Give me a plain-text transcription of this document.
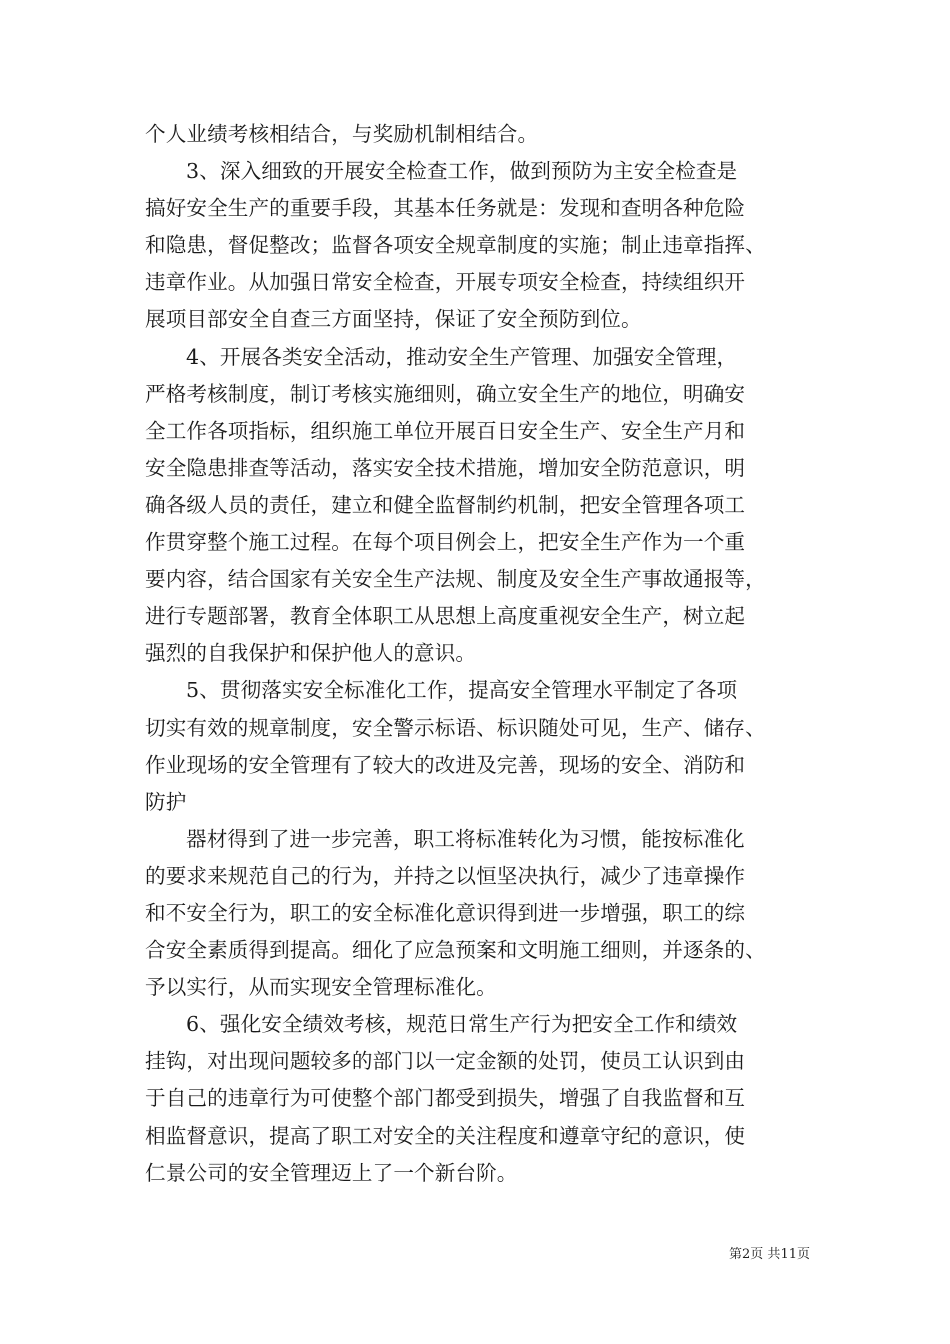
个人业绩考核相结合，与奖励机制相结合。
3、深入细致的开展安全检查工作，做到预防为主安全检查是
搞好安全生产的重要手段，其基本任务就是：发现和查明各种危险
和隐患，督促整改；监督各项安全规章制度的实施；制止违章指挥、
违章作业。从加强日常安全检查，开展专项安全检查，持续组织开
展项目部安全自查三方面坚持，保证了安全预防到位。
4、开展各类安全活动，推动安全生产管理、加强安全管理，
严格考核制度，制订考核实施细则，确立安全生产的地位，明确安
全工作各项指标，组织施工单位开展百日安全生产、安全生产月和
安全隐患排查等活动，落实安全技术措施，增加安全防范意识，明
确各级人员的责任，建立和健全监督制约机制，把安全管理各项工
作贯穿整个施工过程。在每个项目例会上，把安全生产作为一个重
要内容，结合国家有关安全生产法规、制度及安全生产事故通报等，
进行专题部署，教育全体职工从思想上高度重视安全生产，树立起
强烈的自我保护和保护他人的意识。
5、贯彻落实安全标准化工作，提高安全管理水平制定了各项
切实有效的规章制度，安全警示标语、标识随处可见，生产、储存、
作业现场的安全管理有了较大的改进及完善，现场的安全、消防和
防护
器材得到了进一步完善，职工将标准转化为习惯，能按标准化
的要求来规范自己的行为，并持之以恒坚决执行，减少了违章操作
和不安全行为，职工的安全标准化意识得到进一步增强，职工的综
合安全素质得到提高。细化了应急预案和文明施工细则，并逐条的、
予以实行，从而实现安全管理标准化。
6、强化安全绩效考核，规范日常生产行为把安全工作和绩效
挂钩，对出现问题较多的部门以一定金额的处罚，使员工认识到由
于自己的违章行为可使整个部门都受到损失，增强了自我监督和互
相监督意识，提高了职工对安全的关注程度和遵章守纪的意识，使
仁景公司的安全管理迈上了一个新台阶。
第2页 共11页
